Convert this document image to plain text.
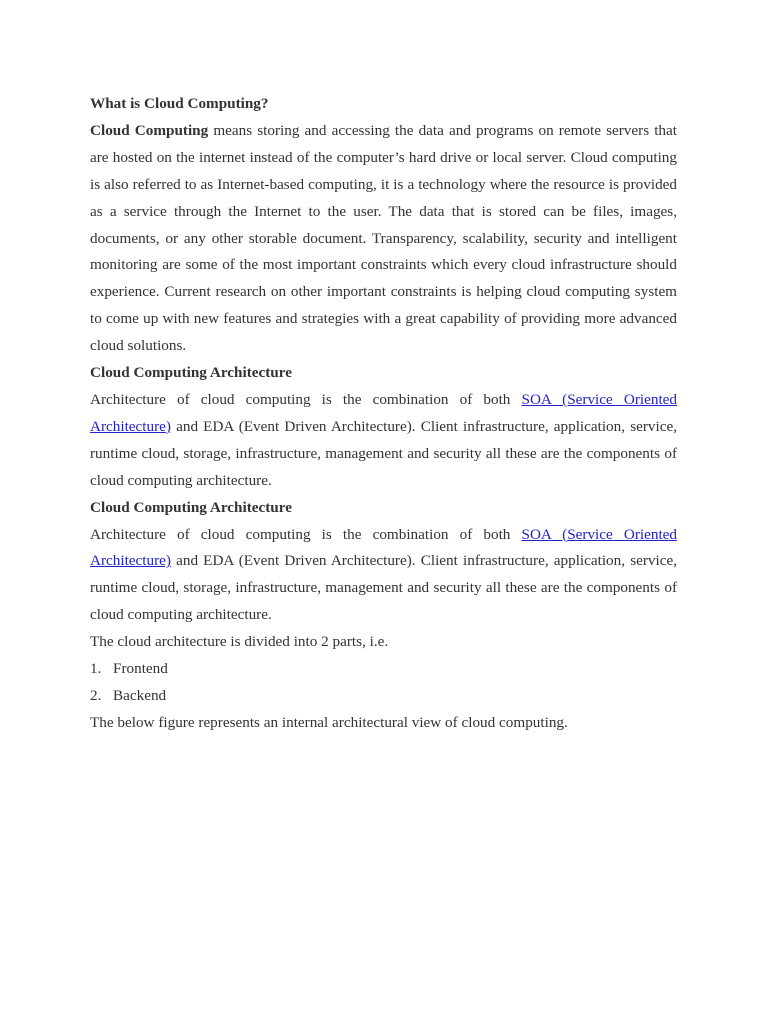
What is Cloud Computing?

Cloud Computing means storing and accessing the data and programs on remote servers that are hosted on the internet instead of the computer’s hard drive or local server. Cloud computing is also referred to as Internet-based computing, it is a technology where the resource is provided as a service through the Internet to the user. The data that is stored can be files, images, documents, or any other storable document. Transparency, scalability, security and intelligent monitoring are some of the most important constraints which every cloud infrastructure should experience. Current research on other important constraints is helping cloud computing system to come up with new features and strategies with a great capability of providing more advanced cloud solutions.

Cloud Computing Architecture

Architecture of cloud computing is the combination of both SOA (Service Oriented Architecture) and EDA (Event Driven Architecture). Client infrastructure, application, service, runtime cloud, storage, infrastructure, management and security all these are the components of cloud computing architecture.

Cloud Computing Architecture

Architecture of cloud computing is the combination of both SOA (Service Oriented Architecture) and EDA (Event Driven Architecture). Client infrastructure, application, service, runtime cloud, storage, infrastructure, management and security all these are the components of cloud computing architecture.

The cloud architecture is divided into 2 parts, i.e.

1. Frontend
2. Backend

The below figure represents an internal architectural view of cloud computing.
